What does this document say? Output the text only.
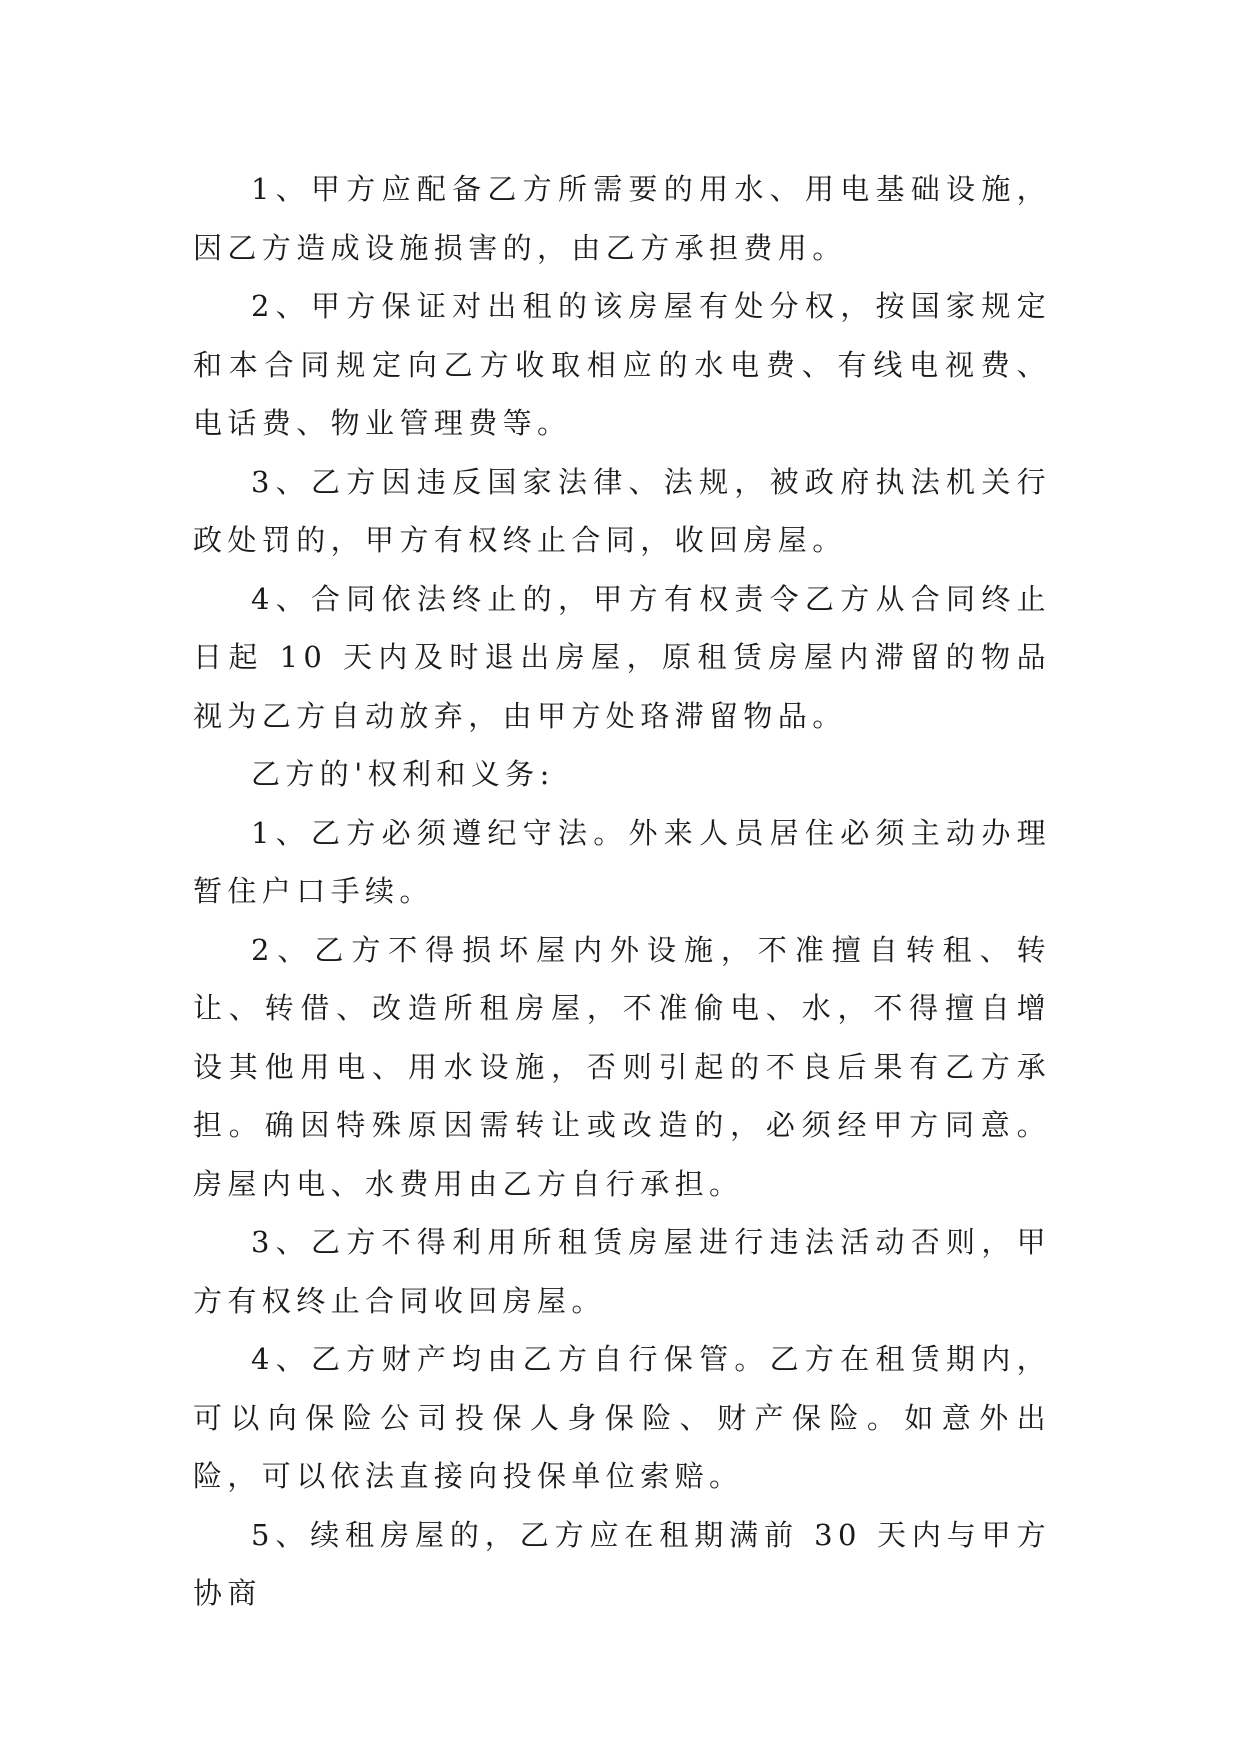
1、甲方应配备乙方所需要的用水、用电基础设施，因乙方造成设施损害的，由乙方承担费用。

2、甲方保证对出租的该房屋有处分权，按国家规定和本合同规定向乙方收取相应的水电费、有线电视费、电话费、物业管理费等。

3、乙方因违反国家法律、法规，被政府执法机关行政处罚的，甲方有权终止合同，收回房屋。

4、合同依法终止的，甲方有权责令乙方从合同终止日起 10 天内及时退出房屋，原租赁房屋内滞留的物品视为乙方自动放弃，由甲方处珞滞留物品。

乙方的'权利和义务:

1、乙方必须遵纪守法。外来人员居住必须主动办理暂住户口手续。

2、乙方不得损坏屋内外设施，不准擅自转租、转让、转借、改造所租房屋，不准偷电、水，不得擅自增设其他用电、用水设施，否则引起的不良后果有乙方承担。确因特殊原因需转让或改造的，必须经甲方同意。房屋内电、水费用由乙方自行承担。

3、乙方不得利用所租赁房屋进行违法活动否则，甲方有权终止合同收回房屋。

4、乙方财产均由乙方自行保管。乙方在租赁期内，可以向保险公司投保人身保险、财产保险。如意外出险，可以依法直接向投保单位索赔。

5、续租房屋的，乙方应在租期满前 30 天内与甲方协商
